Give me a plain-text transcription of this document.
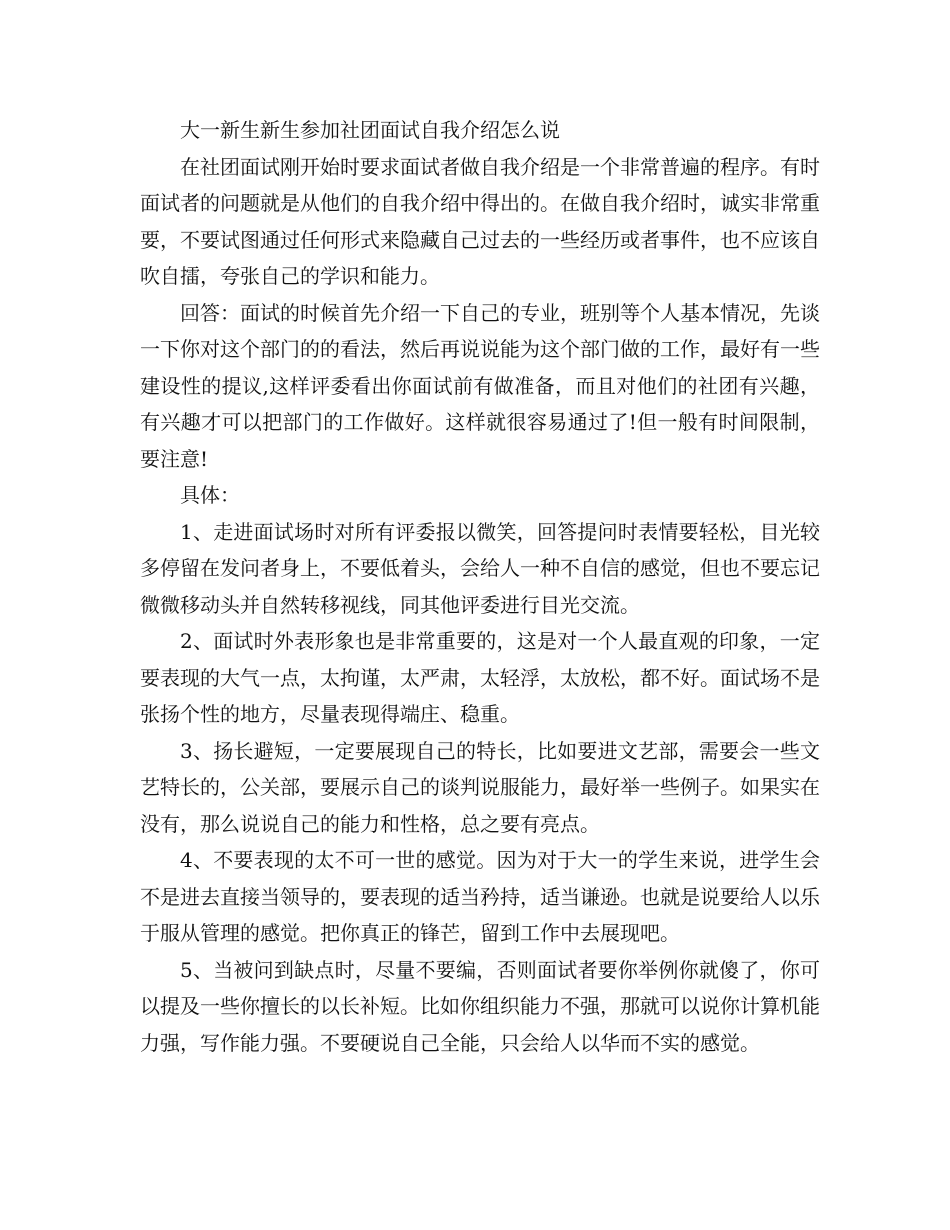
大一新生新生参加社团面试自我介绍怎么说

在社团面试刚开始时要求面试者做自我介绍是一个非常普遍的程序。有时面试者的问题就是从他们的自我介绍中得出的。在做自我介绍时，诚实非常重要，不要试图通过任何形式来隐藏自己过去的一些经历或者事件，也不应该自吹自擂，夸张自己的学识和能力。

回答：面试的时候首先介绍一下自己的专业，班别等个人基本情况，先谈一下你对这个部门的的看法，然后再说说能为这个部门做的工作，最好有一些建设性的提议,这样评委看出你面试前有做准备，而且对他们的社团有兴趣，有兴趣才可以把部门的工作做好。这样就很容易通过了!但一般有时间限制，要注意!

具体：

1、走进面试场时对所有评委报以微笑，回答提问时表情要轻松，目光较多停留在发问者身上，不要低着头，会给人一种不自信的感觉，但也不要忘记微微移动头并自然转移视线，同其他评委进行目光交流。

2、面试时外表形象也是非常重要的，这是对一个人最直观的印象，一定要表现的大气一点，太拘谨，太严肃，太轻浮，太放松，都不好。面试场不是张扬个性的地方，尽量表现得端庄、稳重。

3、扬长避短，一定要展现自己的特长，比如要进文艺部，需要会一些文艺特长的，公关部，要展示自己的谈判说服能力，最好举一些例子。如果实在没有，那么说说自己的能力和性格，总之要有亮点。

4、不要表现的太不可一世的感觉。因为对于大一的学生来说，进学生会不是进去直接当领导的，要表现的适当矜持，适当谦逊。也就是说要给人以乐于服从管理的感觉。把你真正的锋芒，留到工作中去展现吧。

5、当被问到缺点时，尽量不要编，否则面试者要你举例你就傻了，你可以提及一些你擅长的以长补短。比如你组织能力不强，那就可以说你计算机能力强，写作能力强。不要硬说自己全能，只会给人以华而不实的感觉。
